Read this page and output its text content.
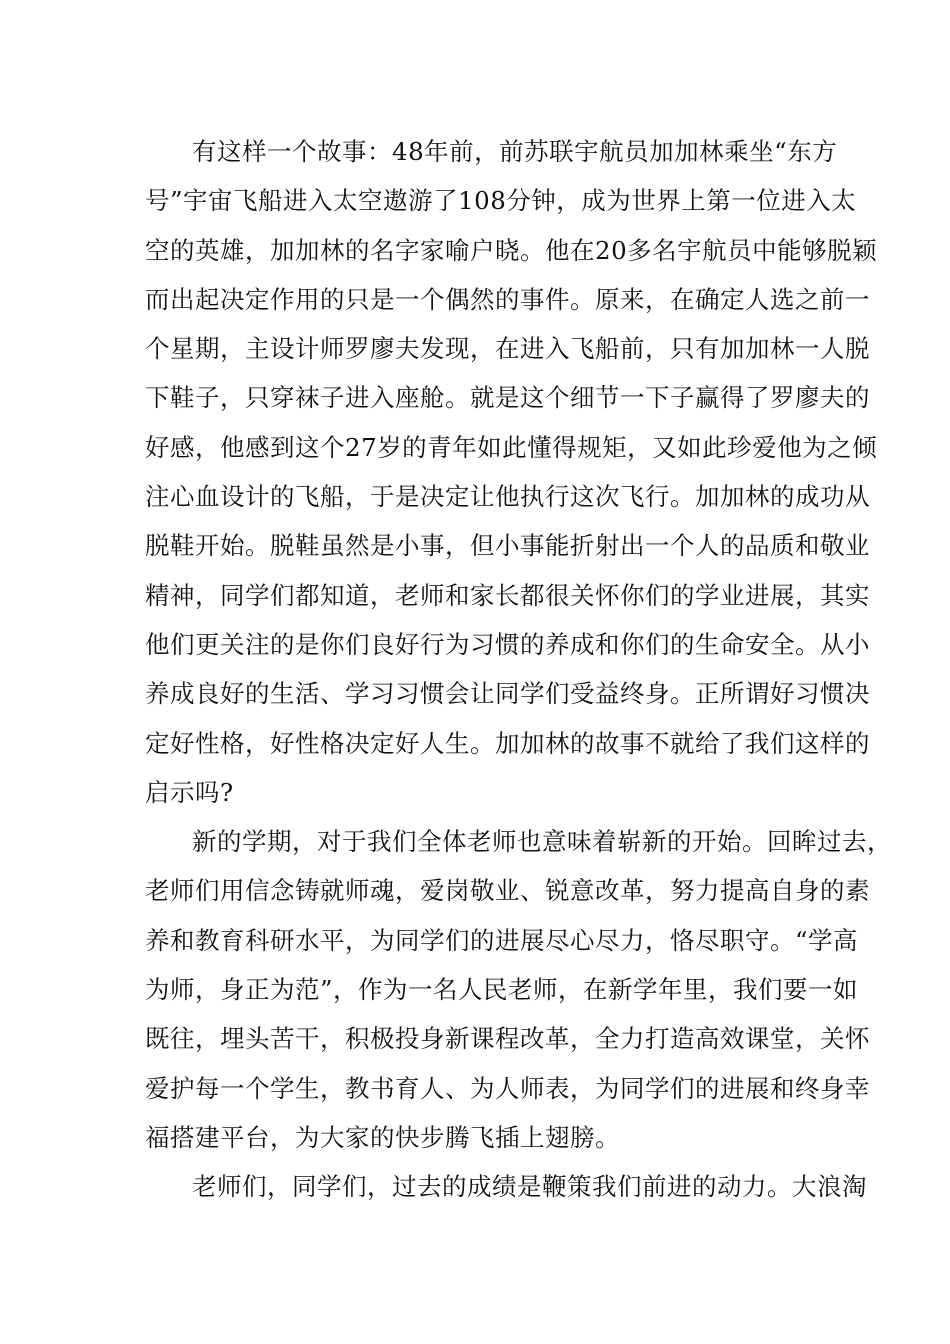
有这样一个故事：48年前，前苏联宇航员加加林乘坐“东方
号”宇宙飞船进入太空遨游了108分钟，成为世界上第一位进入太
空的英雄，加加林的名字家喻户晓。他在20多名宇航员中能够脱颖
而出起决定作用的只是一个偶然的事件。原来，在确定人选之前一
个星期，主设计师罗廖夫发现，在进入飞船前，只有加加林一人脱
下鞋子，只穿袜子进入座舱。就是这个细节一下子赢得了罗廖夫的
好感，他感到这个27岁的青年如此懂得规矩，又如此珍爱他为之倾
注心血设计的飞船，于是决定让他执行这次飞行。加加林的成功从
脱鞋开始。脱鞋虽然是小事，但小事能折射出一个人的品质和敬业
精神，同学们都知道，老师和家长都很关怀你们的学业进展，其实
他们更关注的是你们良好行为习惯的养成和你们的生命安全。从小
养成良好的生活、学习习惯会让同学们受益终身。正所谓好习惯决
定好性格，好性格决定好人生。加加林的故事不就给了我们这样的
启示吗?

新的学期，对于我们全体老师也意味着崭新的开始。回眸过去，
老师们用信念铸就师魂，爱岗敬业、锐意改革，努力提高自身的素
养和教育科研水平，为同学们的进展尽心尽力，恪尽职守。“学高
为师，身正为范”，作为一名人民老师，在新学年里，我们要一如
既往，埋头苦干，积极投身新课程改革，全力打造高效课堂，关怀
爱护每一个学生，教书育人、为人师表，为同学们的进展和终身幸
福搭建平台，为大家的快步腾飞插上翅膀。

老师们，同学们，过去的成绩是鞭策我们前进的动力。大浪淘
